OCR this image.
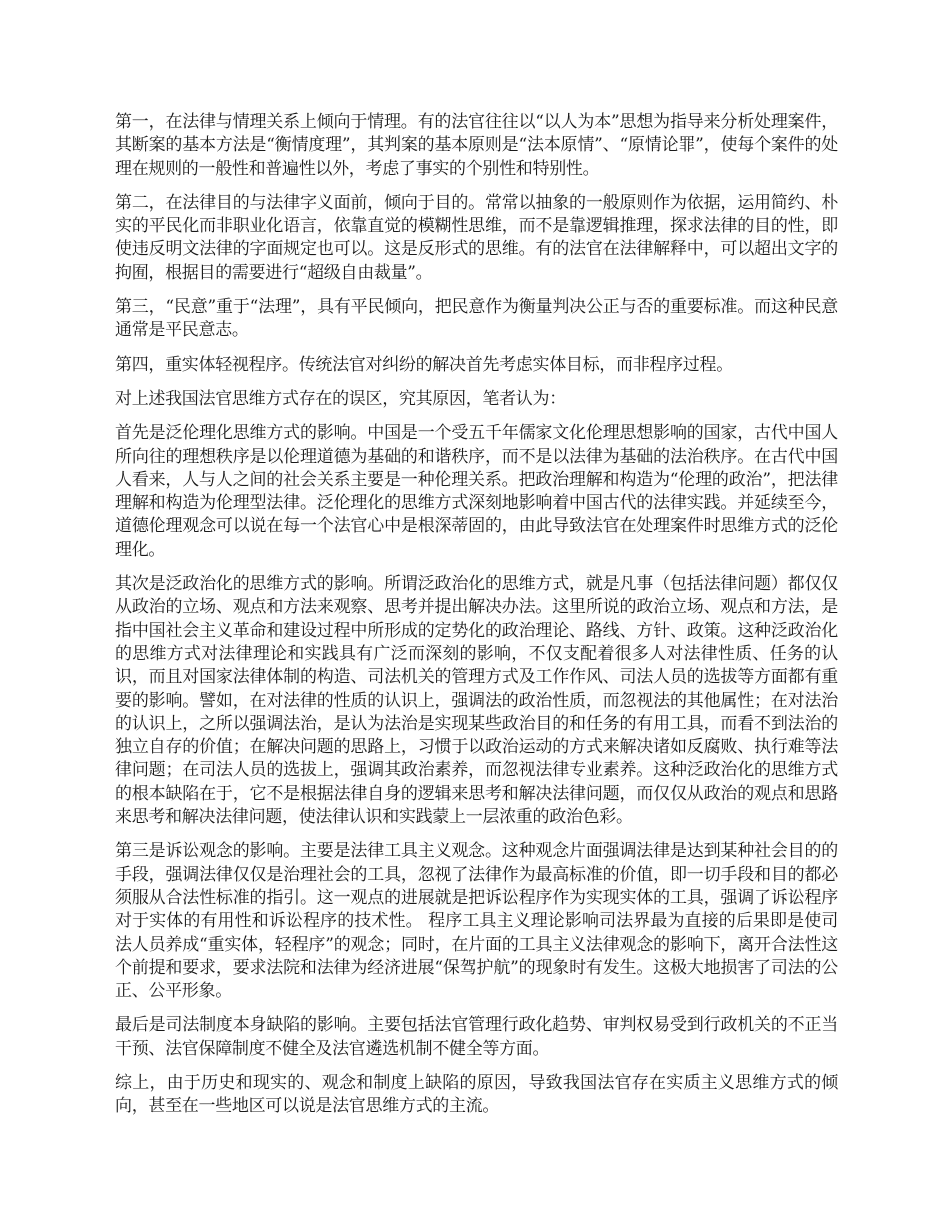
第一，在法律与情理关系上倾向于情理。有的法官往往以“以人为本”思想为指导来分析处理案件，其断案的基本方法是“衡情度理”，其判案的基本原则是“法本原情”、“原情论罪”，使每个案件的处理在规则的一般性和普遍性以外，考虑了事实的个别性和特别性。

第二，在法律目的与法律字义面前，倾向于目的。常常以抽象的一般原则作为依据，运用简约、朴实的平民化而非职业化语言，依靠直觉的模糊性思维，而不是靠逻辑推理，探求法律的目的性，即使违反明文法律的字面规定也可以。这是反形式的思维。有的法官在法律解释中，可以超出文字的拘囿，根据目的需要进行“超级自由裁量”。

第三，“民意”重于“法理”，具有平民倾向，把民意作为衡量判决公正与否的重要标准。而这种民意通常是平民意志。

第四，重实体轻视程序。传统法官对纠纷的解决首先考虑实体目标，而非程序过程。

对上述我国法官思维方式存在的误区，究其原因，笔者认为：

首先是泛伦理化思维方式的影响。中国是一个受五千年儒家文化伦理思想影响的国家，古代中国人所向往的理想秩序是以伦理道德为基础的和谐秩序，而不是以法律为基础的法治秩序。在古代中国人看来，人与人之间的社会关系主要是一种伦理关系。把政治理解和构造为“伦理的政治”，把法律理解和构造为伦理型法律。泛伦理化的思维方式深刻地影响着中国古代的法律实践。并延续至今，道德伦理观念可以说在每一个法官心中是根深蒂固的，由此导致法官在处理案件时思维方式的泛伦理化。

其次是泛政治化的思维方式的影响。所谓泛政治化的思维方式，就是凡事（包括法律问题）都仅仅从政治的立场、观点和方法来观察、思考并提出解决办法。这里所说的政治立场、观点和方法，是指中国社会主义革命和建设过程中所形成的定势化的政治理论、路线、方针、政策。这种泛政治化的思维方式对法律理论和实践具有广泛而深刻的影响，不仅支配着很多人对法律性质、任务的认识，而且对国家法律体制的构造、司法机关的管理方式及工作作风、司法人员的选拔等方面都有重要的影响。譬如，在对法律的性质的认识上，强调法的政治性质，而忽视法的其他属性；在对法治的认识上，之所以强调法治，是认为法治是实现某些政治目的和任务的有用工具，而看不到法治的独立自存的价值；在解决问题的思路上，习惯于以政治运动的方式来解决诸如反腐败、执行难等法律问题；在司法人员的选拔上，强调其政治素养，而忽视法律专业素养。这种泛政治化的思维方式的根本缺陷在于，它不是根据法律自身的逻辑来思考和解决法律问题，而仅仅从政治的观点和思路来思考和解决法律问题，使法律认识和实践蒙上一层浓重的政治色彩。

第三是诉讼观念的影响。主要是法律工具主义观念。这种观念片面强调法律是达到某种社会目的的手段，强调法律仅仅是治理社会的工具，忽视了法律作为最高标准的价值，即一切手段和目的都必须服从合法性标准的指引。这一观点的进展就是把诉讼程序作为实现实体的工具，强调了诉讼程序对于实体的有用性和诉讼程序的技术性。 程序工具主义理论影响司法界最为直接的后果即是使司法人员养成“重实体，轻程序”的观念；同时，在片面的工具主义法律观念的影响下，离开合法性这个前提和要求，要求法院和法律为经济进展“保驾护航”的现象时有发生。这极大地损害了司法的公正、公平形象。

最后是司法制度本身缺陷的影响。主要包括法官管理行政化趋势、审判权易受到行政机关的不正当干预、法官保障制度不健全及法官遴选机制不健全等方面。

综上，由于历史和现实的、观念和制度上缺陷的原因，导致我国法官存在实质主义思维方式的倾向，甚至在一些地区可以说是法官思维方式的主流。
